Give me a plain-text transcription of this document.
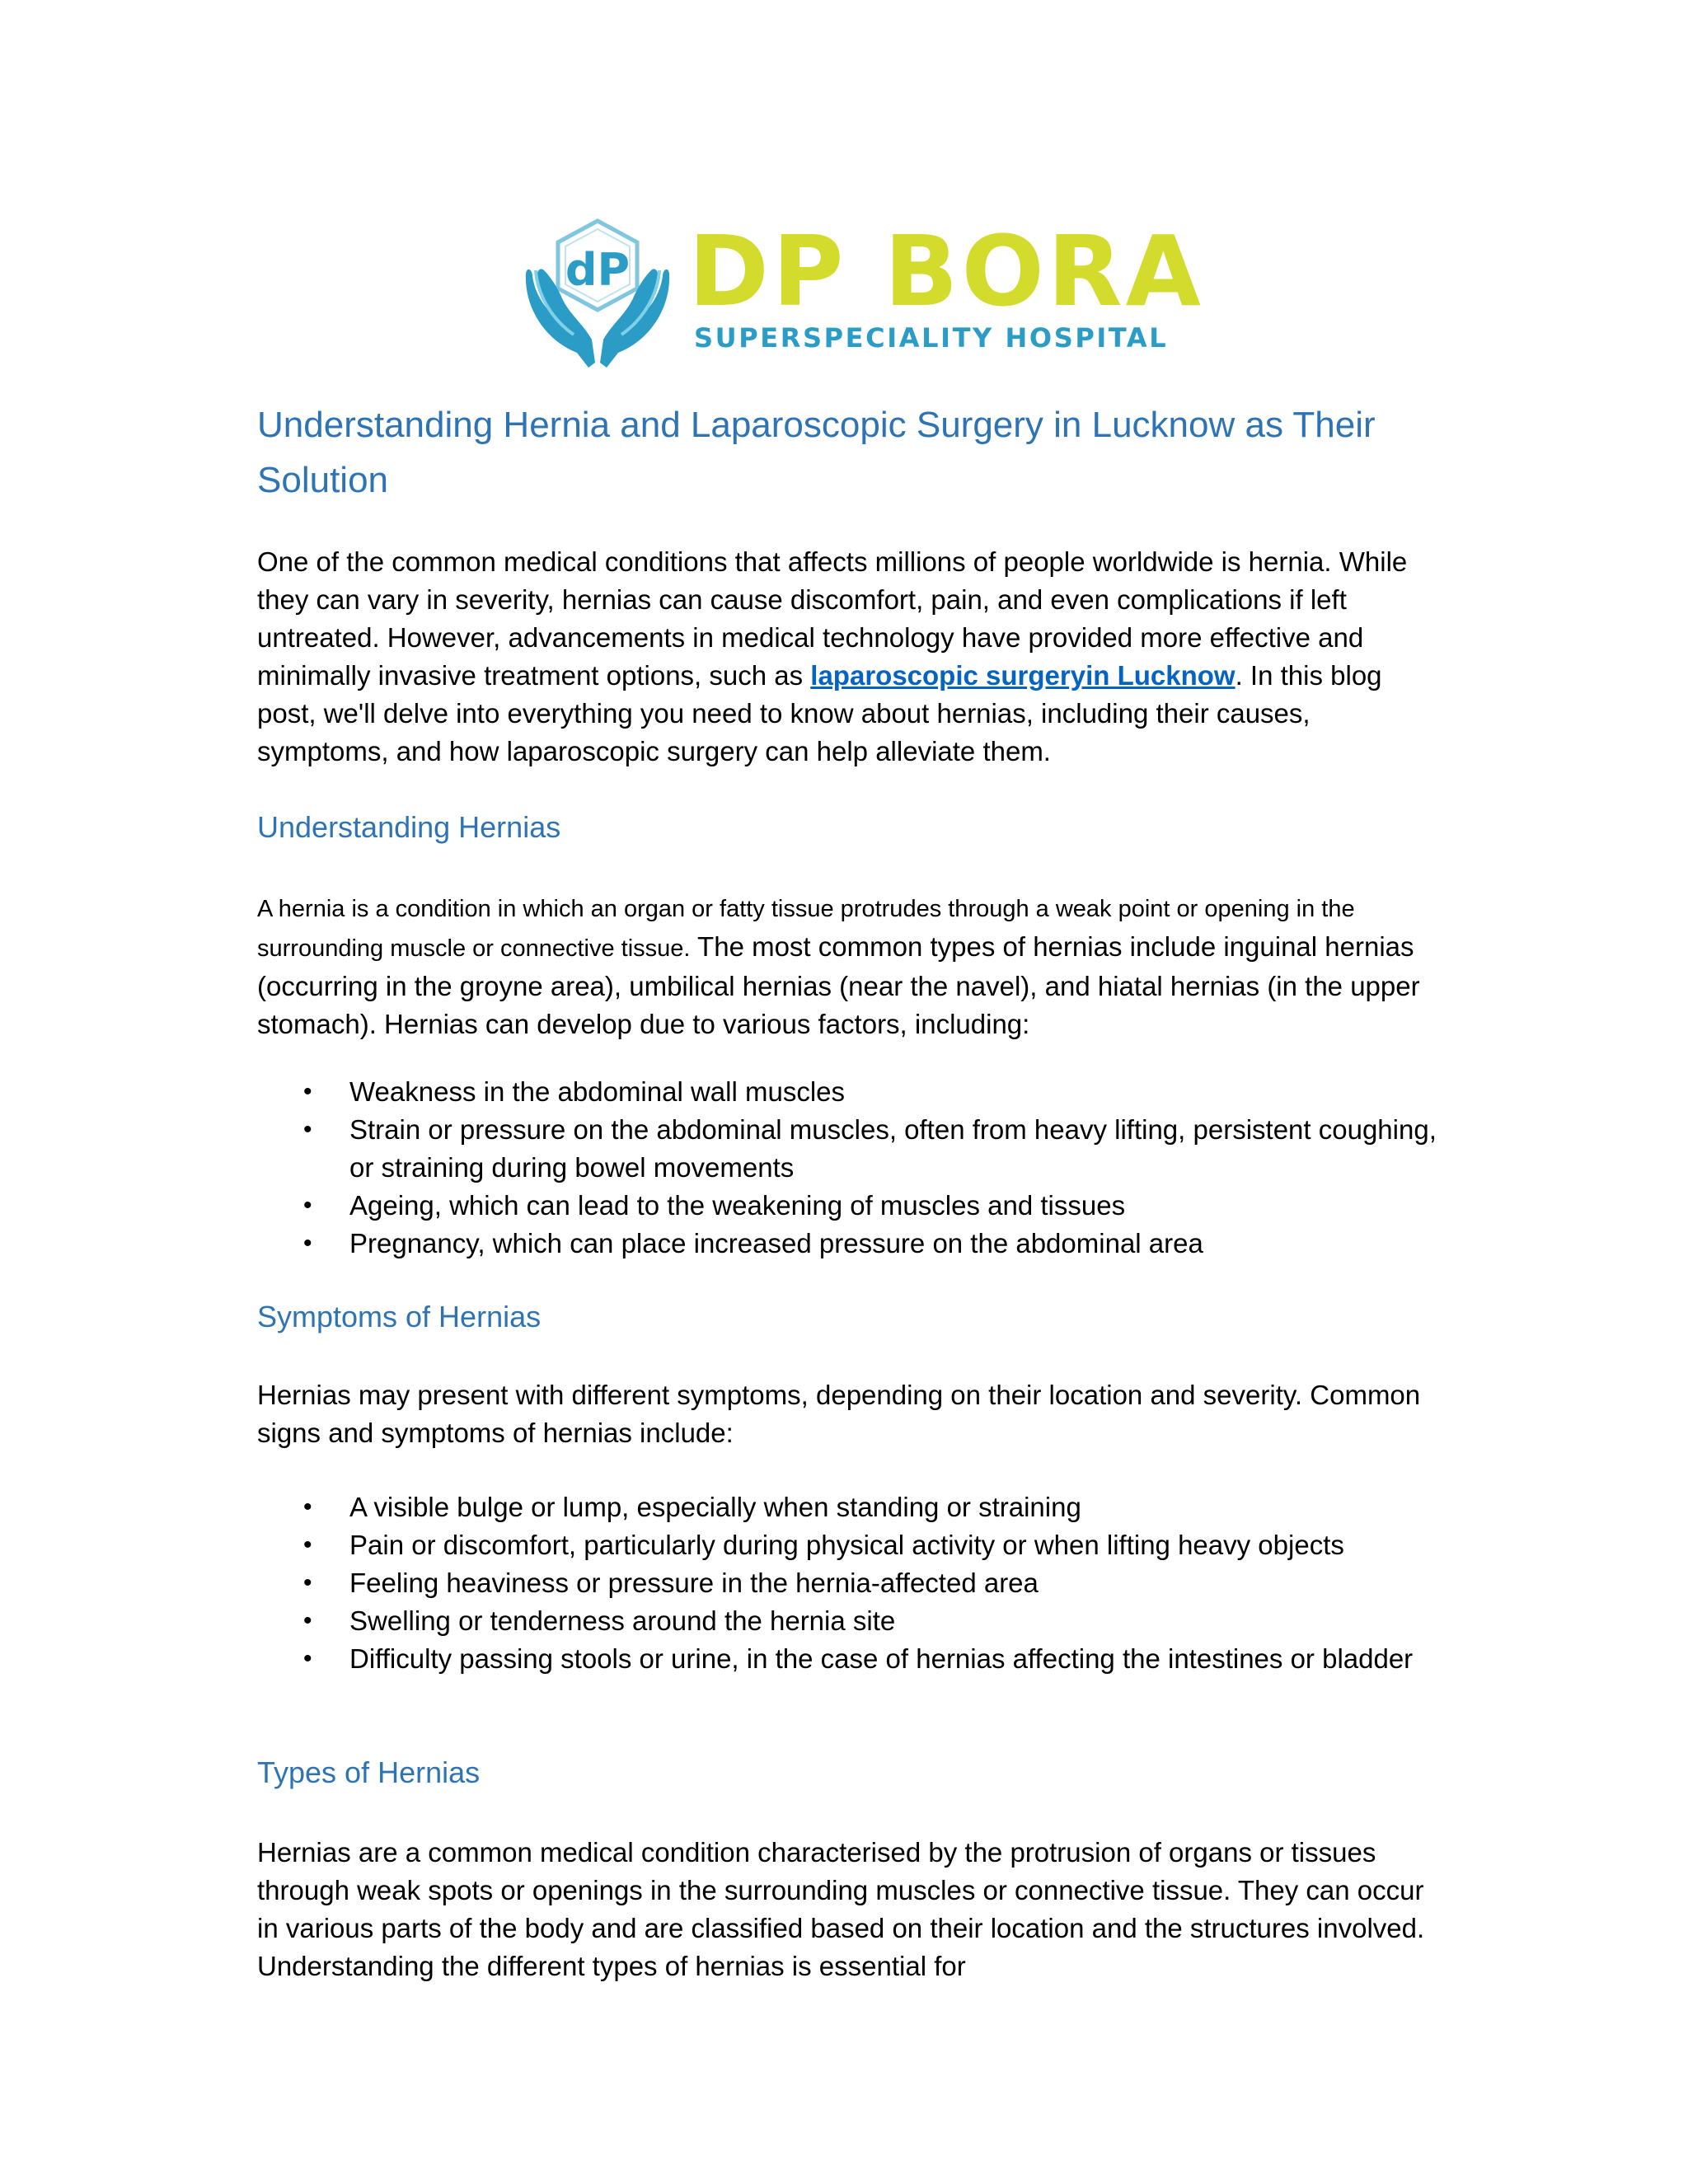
dP DP BORA
SUPERSPECIALITY HOSPITAL
Understanding Hernia and Laparoscopic Surgery in Lucknow as Their Solution

One of the common medical conditions that affects millions of people worldwide is hernia. While they can vary in severity, hernias can cause discomfort, pain, and even complications if left untreated. However, advancements in medical technology have provided more effective and minimally invasive treatment options, such as laparoscopic surgeryin Lucknow. In this blog post, we'll delve into everything you need to know about hernias, including their causes, symptoms, and how laparoscopic surgery can help alleviate them.

Understanding Hernias

A hernia is a condition in which an organ or fatty tissue protrudes through a weak point or opening in the surrounding muscle or connective tissue. The most common types of hernias include inguinal hernias (occurring in the groyne area), umbilical hernias (near the navel), and hiatal hernias (in the upper stomach). Hernias can develop due to various factors, including:

• Weakness in the abdominal wall muscles
• Strain or pressure on the abdominal muscles, often from heavy lifting, persistent coughing, or straining during bowel movements
• Ageing, which can lead to the weakening of muscles and tissues
• Pregnancy, which can place increased pressure on the abdominal area
Symptoms of Hernias

Hernias may present with different symptoms, depending on their location and severity. Common signs and symptoms of hernias include:

• A visible bulge or lump, especially when standing or straining
• Pain or discomfort, particularly during physical activity or when lifting heavy objects
• Feeling heaviness or pressure in the hernia-affected area
• Swelling or tenderness around the hernia site
• Difficulty passing stools or urine, in the case of hernias affecting the intestines or bladder
Types of Hernias

Hernias are a common medical condition characterised by the protrusion of organs or tissues through weak spots or openings in the surrounding muscles or connective tissue. They can occur in various parts of the body and are classified based on their location and the structures involved. Understanding the different types of hernias is essential for
